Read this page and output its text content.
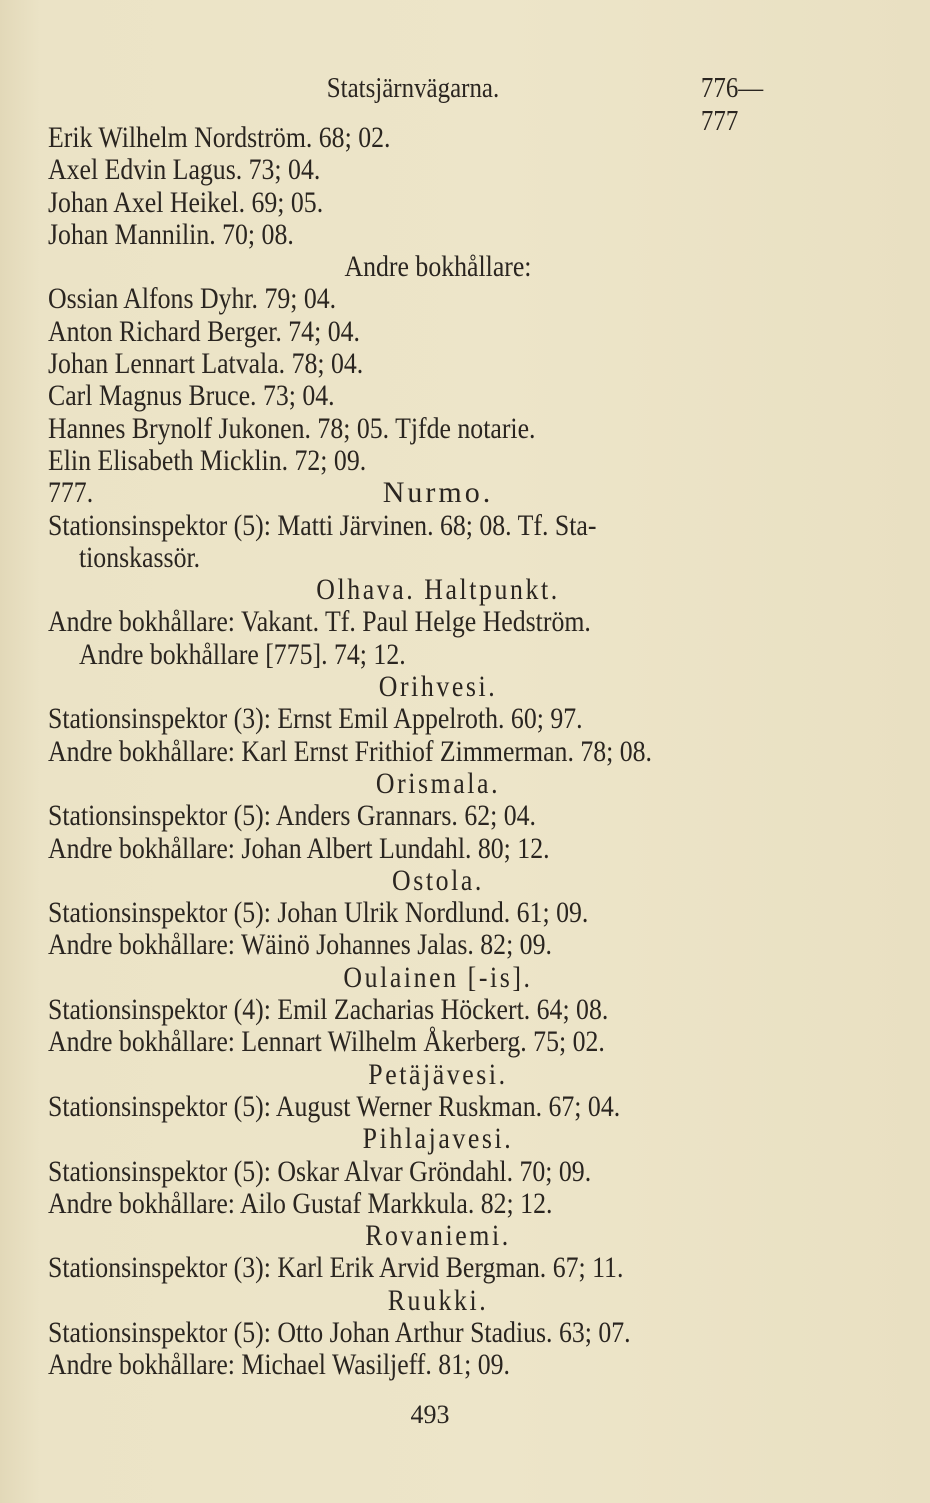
Statsjärnvägarna.	776—777
Erik Wilhelm Nordström. 68; 02.
Axel Edvin Lagus. 73; 04.
Johan Axel Heikel. 69; 05.
Johan Mannilin. 70; 08.
Andre bokhållare:
Ossian Alfons Dyhr. 79; 04.
Anton Richard Berger. 74; 04.
Johan Lennart Latvala. 78; 04.
Carl Magnus Bruce. 73; 04.
Hannes Brynolf Jukonen. 78; 05. Tjfde notarie.
Elin Elisabeth Micklin. 72; 09.
777.	Nurmo.
Stationsinspektor (5): Matti Järvinen. 68; 08. Tf. Sta-
tionskassör.
Olhava. Haltpunkt.
Andre bokhållare: Vakant. Tf. Paul Helge Hedström.
Andre bokhållare [775]. 74; 12.
Orihvesi.
Stationsinspektor (3): Ernst Emil Appelroth. 60; 97.
Andre bokhållare: Karl Ernst Frithiof Zimmerman. 78; 08.
Orismala.
Stationsinspektor (5): Anders Grannars. 62; 04.
Andre bokhållare: Johan Albert Lundahl. 80; 12.
Ostola.
Stationsinspektor (5): Johan Ulrik Nordlund. 61; 09.
Andre bokhållare: Wäinö Johannes Jalas. 82; 09.
Oulainen [-is].
Stationsinspektor (4): Emil Zacharias Höckert. 64; 08.
Andre bokhållare: Lennart Wilhelm Åkerberg. 75; 02.
Petäjävesi.
Stationsinspektor (5): August Werner Ruskman. 67; 04.
Pihlajavesi.
Stationsinspektor (5): Oskar Alvar Gröndahl. 70; 09.
Andre bokhållare: Ailo Gustaf Markkula. 82; 12.
Rovaniemi.
Stationsinspektor (3): Karl Erik Arvid Bergman. 67; 11.
Ruukki.
Stationsinspektor (5): Otto Johan Arthur Stadius. 63; 07.
Andre bokhållare: Michael Wasiljeff. 81; 09.
493
